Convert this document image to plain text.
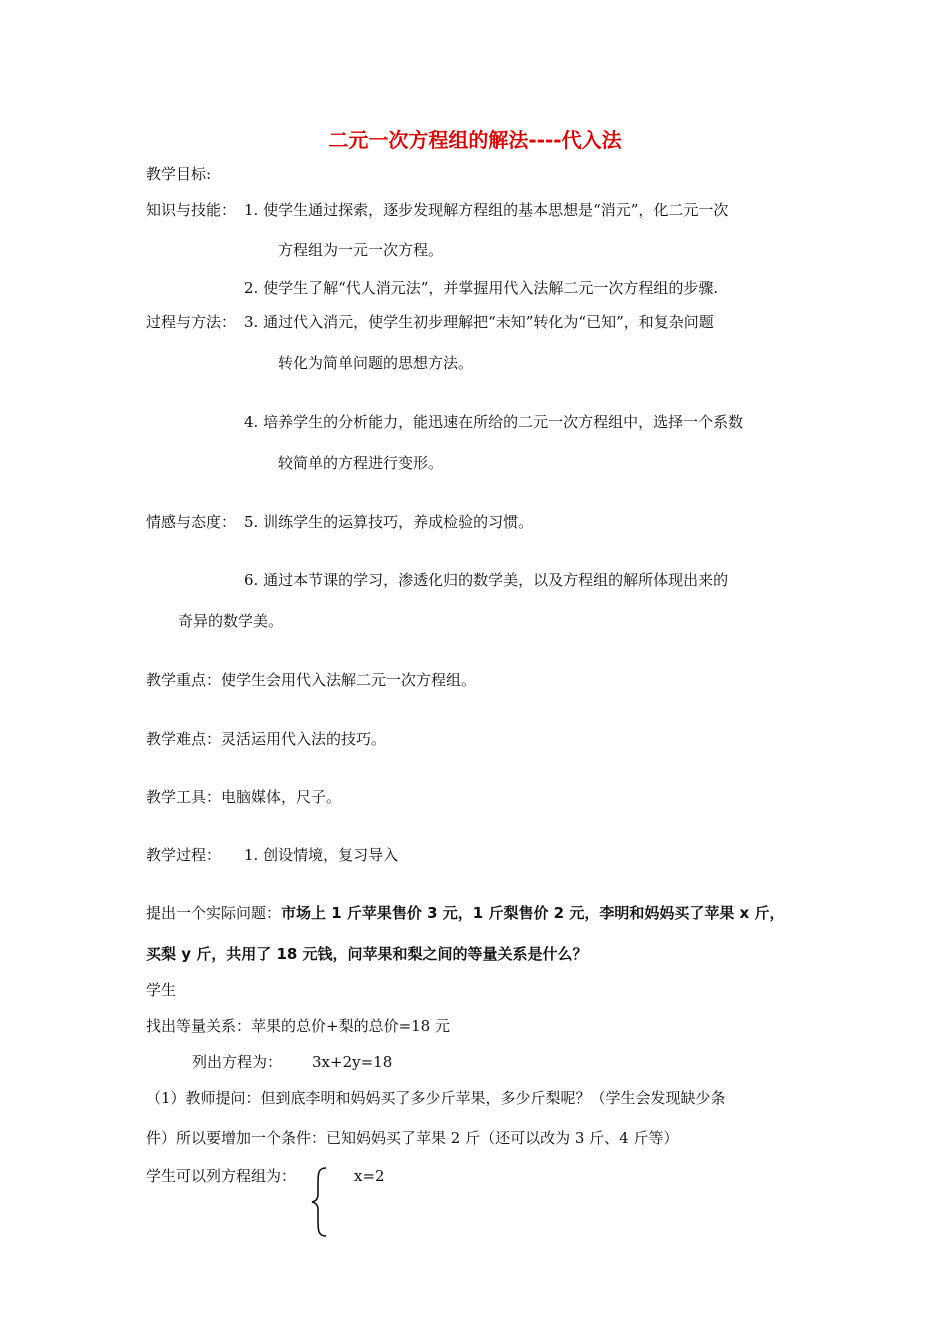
二元一次方程组的解法----代入法
教学目标:
知识与技能： 1. 使学生通过探索，逐步发现解方程组的基本思想是“消元”，化二元一次
方程组为一元一次方程。
2. 使学生了解“代人消元法”，并掌握用代入法解二元一次方程组的步骤.
过程与方法： 3. 通过代入消元，使学生初步理解把“未知”转化为“已知”，和复杂问题
转化为简单问题的思想方法。
4. 培养学生的分析能力，能迅速在所给的二元一次方程组中，选择一个系数
较简单的方程进行变形。
情感与态度： 5. 训练学生的运算技巧，养成检验的习惯。
6. 通过本节课的学习，渗透化归的数学美，以及方程组的解所体现出来的
奇异的数学美。
教学重点：使学生会用代入法解二元一次方程组。
教学难点：灵活运用代入法的技巧。
教学工具：电脑媒体，尺子。
教学过程： 1. 创设情境，复习导入
提出一个实际问题：市场上 1 斤苹果售价 3 元，1 斤梨售价 2 元，李明和妈妈买了苹果 x 斤，
买梨 y 斤，共用了 18 元钱，问苹果和梨之间的等量关系是什么？
学生
找出等量关系：苹果的总价+梨的总价=18 元
列出方程为： 3x+2y=18
（1）教师提问：但到底李明和妈妈买了多少斤苹果，多少斤梨呢？（学生会发现缺少条
件）所以要增加一个条件：已知妈妈买了苹果 2 斤（还可以改为 3 斤、4 斤等）
学生可以列方程组为：	x=2
